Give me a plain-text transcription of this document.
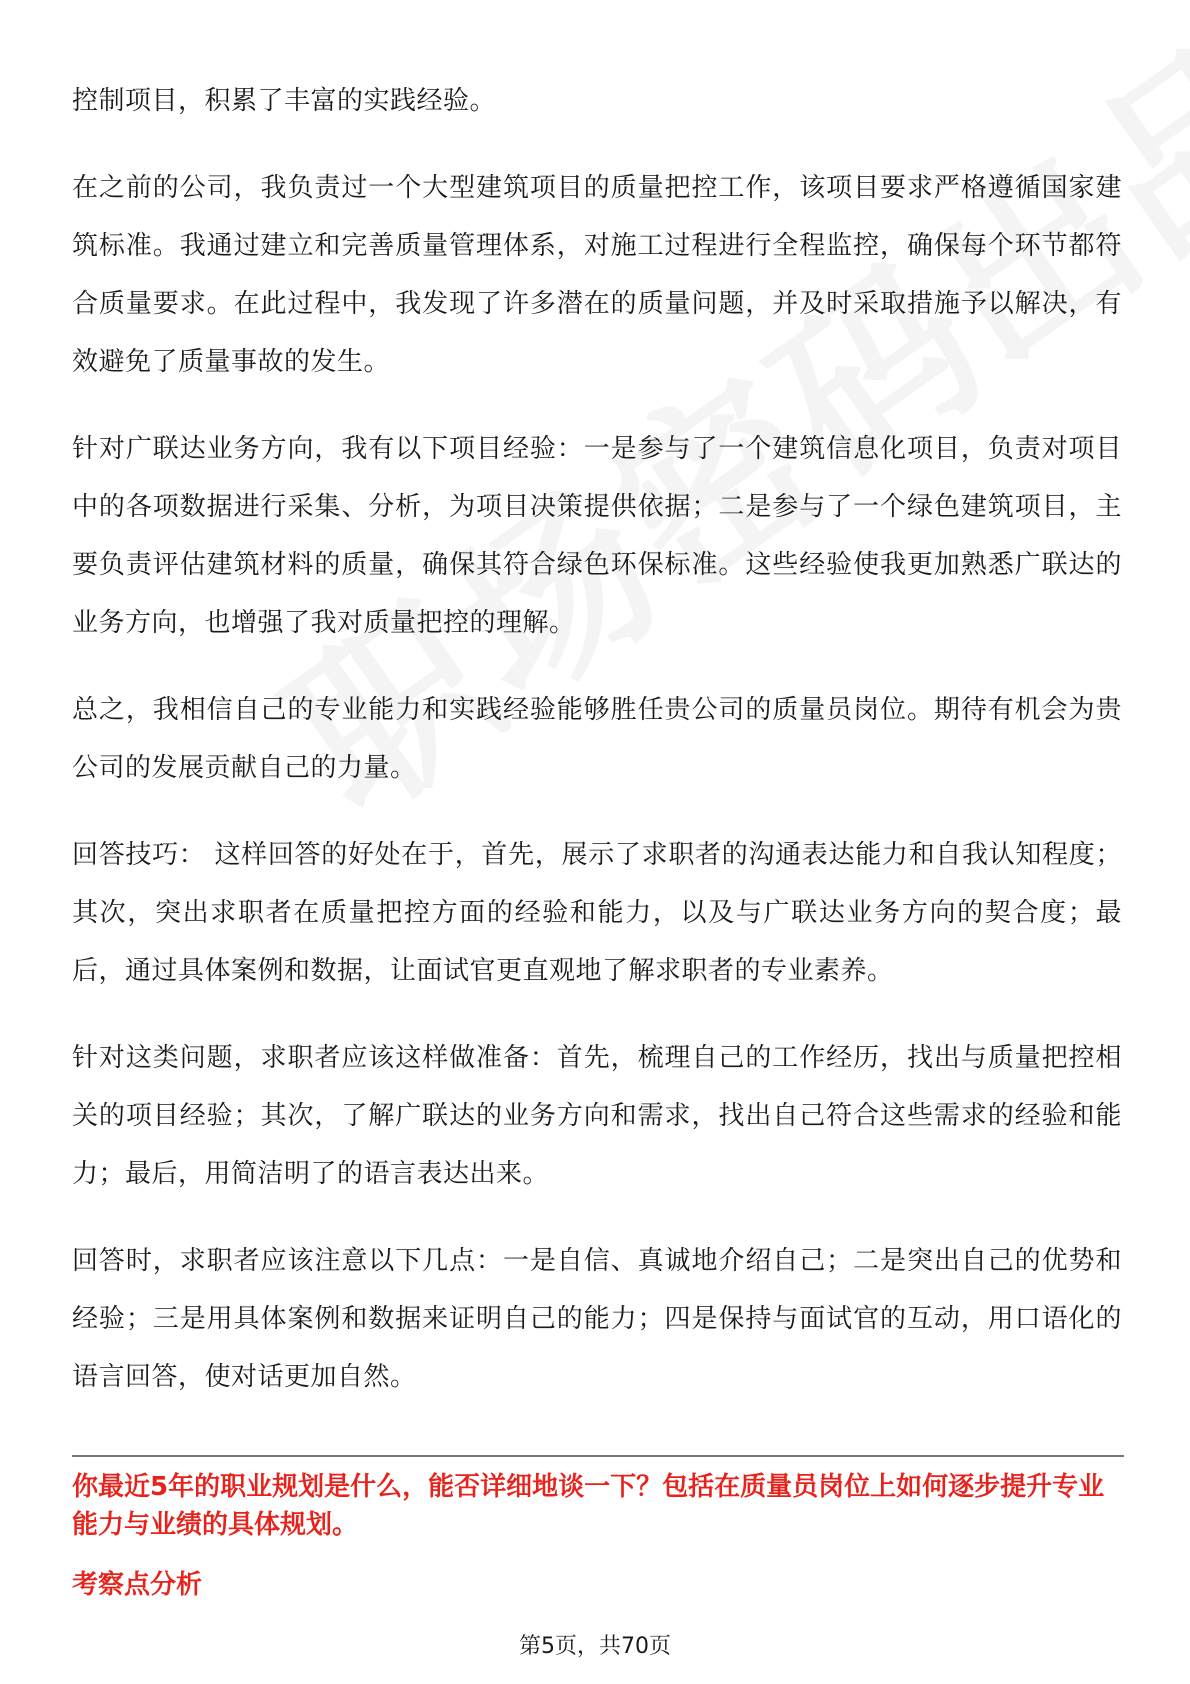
控制项目，积累了丰富的实践经验。

在之前的公司，我负责过一个大型建筑项目的质量把控工作，该项目要求严格遵循国家建筑标准。我通过建立和完善质量管理体系，对施工过程进行全程监控，确保每个环节都符合质量要求。在此过程中，我发现了许多潜在的质量问题，并及时采取措施予以解决，有效避免了质量事故的发生。

针对广联达业务方向，我有以下项目经验：一是参与了一个建筑信息化项目，负责对项目中的各项数据进行采集、分析，为项目决策提供依据；二是参与了一个绿色建筑项目，主要负责评估建筑材料的质量，确保其符合绿色环保标准。这些经验使我更加熟悉广联达的业务方向，也增强了我对质量把控的理解。

总之，我相信自己的专业能力和实践经验能够胜任贵公司的质量员岗位。期待有机会为贵公司的发展贡献自己的力量。

回答技巧： 这样回答的好处在于，首先，展示了求职者的沟通表达能力和自我认知程度；其次，突出求职者在质量把控方面的经验和能力，以及与广联达业务方向的契合度；最后，通过具体案例和数据，让面试官更直观地了解求职者的专业素养。

针对这类问题，求职者应该这样做准备：首先，梳理自己的工作经历，找出与质量把控相关的项目经验；其次，了解广联达的业务方向和需求，找出自己符合这些需求的经验和能力；最后，用简洁明了的语言表达出来。

回答时，求职者应该注意以下几点：一是自信、真诚地介绍自己；二是突出自己的优势和经验；三是用具体案例和数据来证明自己的能力；四是保持与面试官的互动，用口语化的语言回答，使对话更加自然。

你最近5年的职业规划是什么，能否详细地谈一下？包括在质量员岗位上如何逐步提升专业能力与业绩的具体规划。

考察点分析

第5页，共70页
